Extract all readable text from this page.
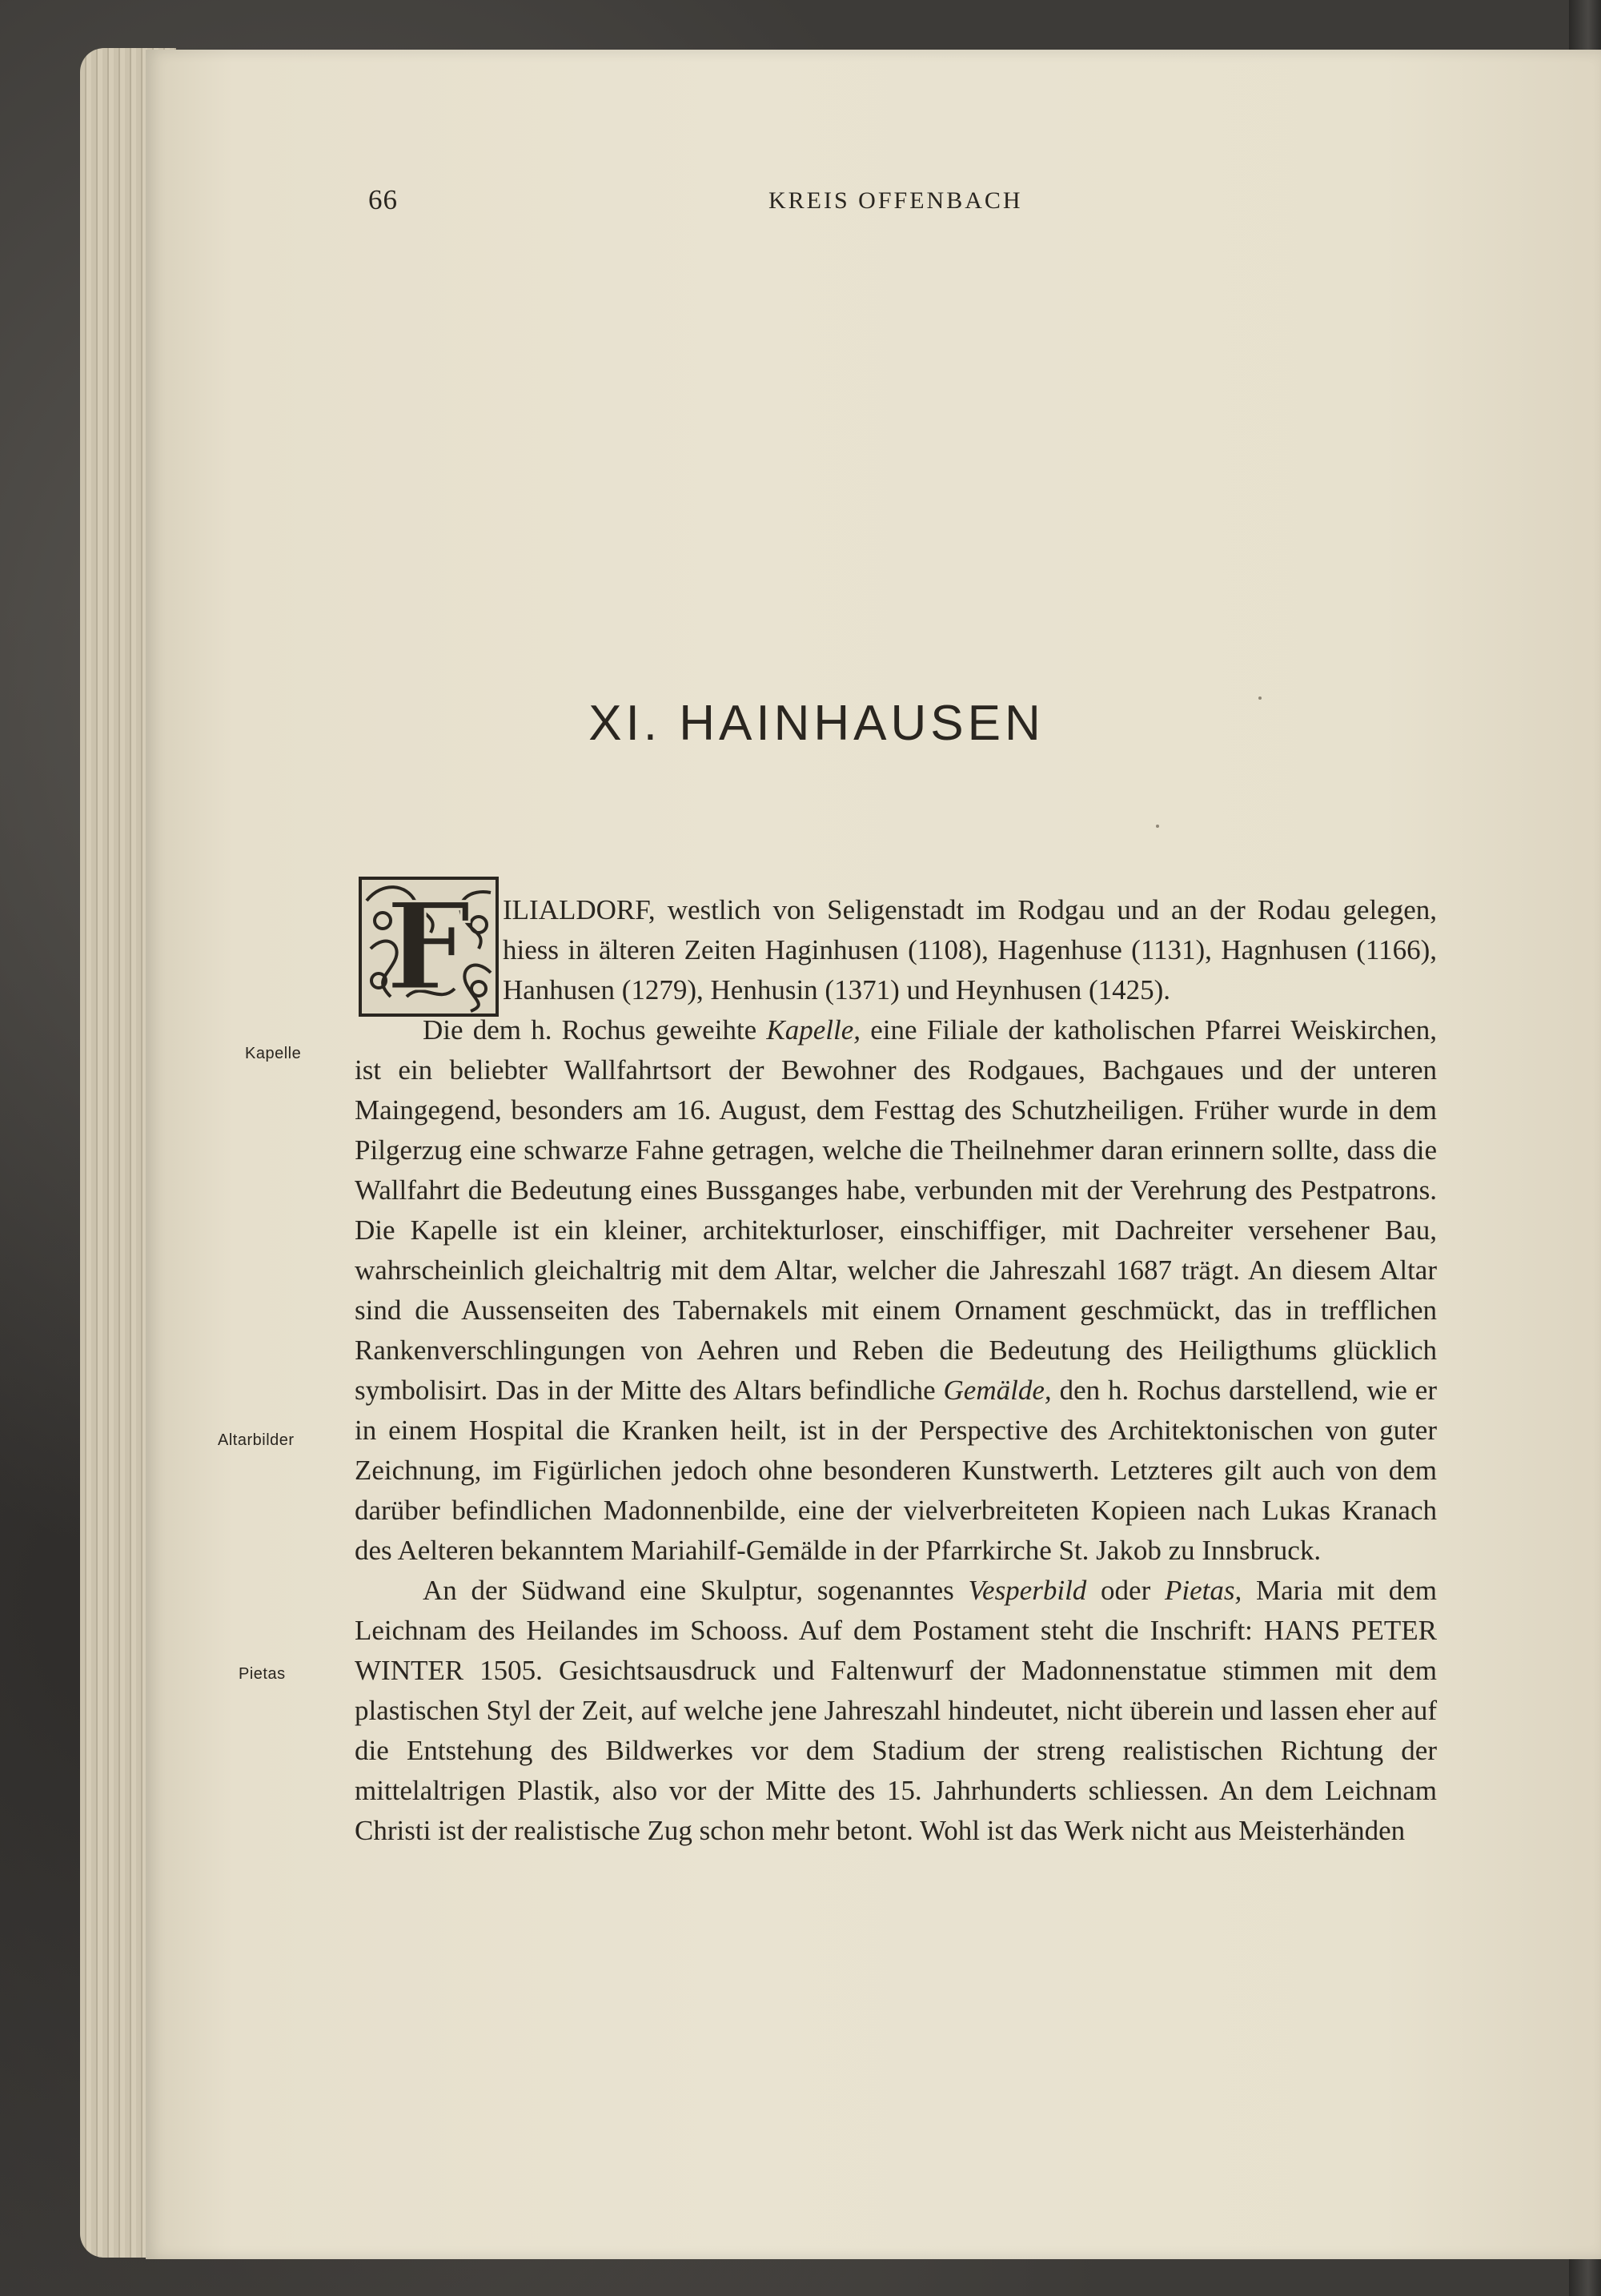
66	KREIS OFFENBACH
XI. HAINHAUSEN
F	ILIALDORF, westlich von Seligenstadt im Rodgau und an der Rodau gelegen, hiess in älteren Zeiten Haginhusen (1108), Hagenhuse (1131), Hagnhusen (1166), Hanhusen (1279), Henhusin (1371) und Heynhusen (1425).

Die dem h. Rochus geweihte Kapelle, eine Filiale der katholischen Pfarrei Weiskirchen, ist ein beliebter Wallfahrtsort der Bewohner des Rodgaues, Bachgaues und der unteren Maingegend, besonders am 16. August, dem Festtag des Schutzheiligen. Früher wurde in dem Pilgerzug eine schwarze Fahne getragen, welche die Theilnehmer daran erinnern sollte, dass die Wallfahrt die Bedeutung eines Bussganges habe, verbunden mit der Verehrung des Pestpatrons. Die Kapelle ist ein kleiner, architekturloser, einschiffiger, mit Dachreiter versehener Bau, wahrscheinlich gleichaltrig mit dem Altar, welcher die Jahreszahl 1687 trägt. An diesem Altar sind die Aussenseiten des Tabernakels mit einem Ornament geschmückt, das in trefflichen Rankenverschlingungen von Aehren und Reben die Bedeutung des Heiligthums glücklich symbolisirt. Das in der Mitte des Altars befindliche Gemälde, den h. Rochus darstellend, wie er in einem Hospital die Kranken heilt, ist in der Perspective des Architektonischen von guter Zeichnung, im Figürlichen jedoch ohne besonderen Kunstwerth. Letzteres gilt auch von dem darüber befindlichen Madonnenbilde, eine der vielverbreiteten Kopieen nach Lukas Kranach des Aelteren bekanntem Mariahilf-Gemälde in der Pfarrkirche St. Jakob zu Innsbruck.

An der Südwand eine Skulptur, sogenanntes Vesperbild oder Pietas, Maria mit dem Leichnam des Heilandes im Schooss. Auf dem Postament steht die Inschrift: HANS PETER WINTER 1505. Gesichtsausdruck und Faltenwurf der Madonnenstatue stimmen mit dem plastischen Styl der Zeit, auf welche jene Jahreszahl hindeutet, nicht überein und lassen eher auf die Entstehung des Bildwerkes vor dem Stadium der streng realistischen Richtung der mittelaltrigen Plastik, also vor der Mitte des 15. Jahrhunderts schliessen. An dem Leichnam Christi ist der realistische Zug schon mehr betont. Wohl ist das Werk nicht aus Meisterhänden

Kapelle
Altarbilder
Pietas
